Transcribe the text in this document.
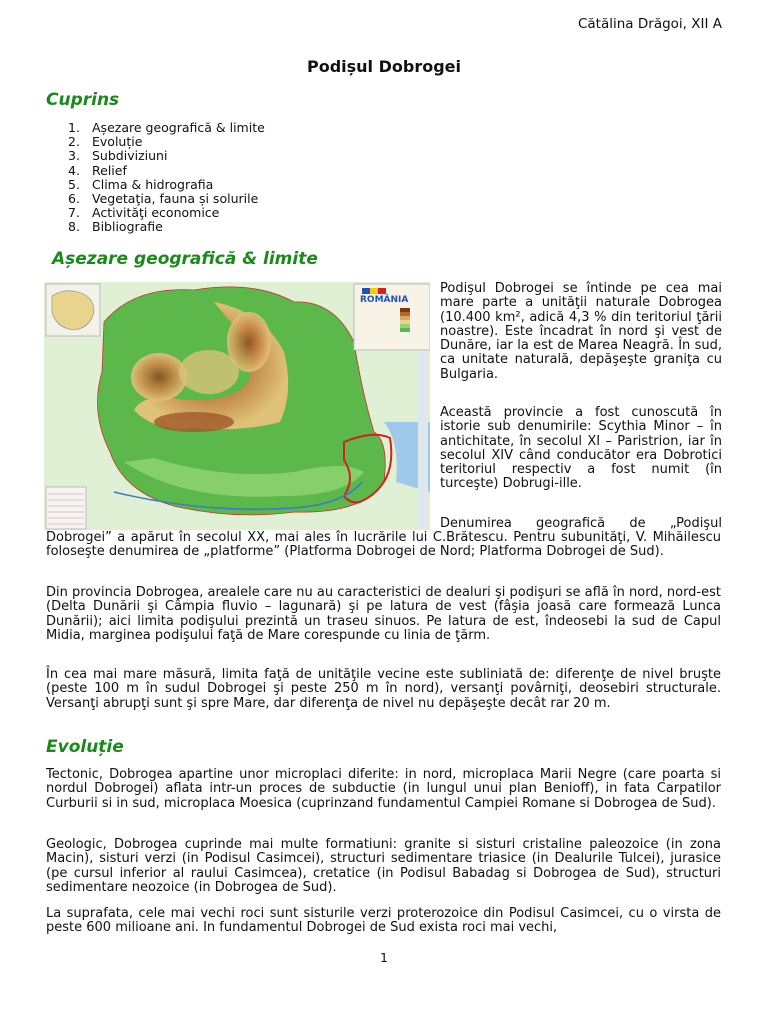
Cătălina Drăgoi, XII A
Podișul Dobrogei
Cuprins
1. Așezare geografică & limite
2. Evoluție
3. Subdiviziuni
4. Relief
5. Clima & hidrografia
6. Vegetaţia, fauna și solurile
7. Activităţi economice
8. Bibliografie
Așezare geografică & limite
ROMÂNIA

Podişul Dobrogei se întinde pe cea mai mare parte a unităţii naturale Dobrogea (10.400 km², adică 4,3 % din teritoriul ţării noastre). Este încadrat în nord şi vest de Dunăre, iar la est de Marea Neagră. În sud, ca unitate naturală, depăşeşte graniţa cu Bulgaria.

Această provincie a fost cunoscută în istorie sub denumirile: Scythia Minor – în antichitate, în secolul XI – Paristrion, iar în secolul XIV când conducător era Dobrotici teritoriul respectiv a fost numit (în turceşte) Dobrugi-ille.

Denumirea geografică de „Podişul

Dobrogei” a apărut în secolul XX, mai ales în lucrările lui C.Brătescu. Pentru subunităţi, V. Mihăilescu foloseşte denumirea de „platforme” (Platforma Dobrogei de Nord; Platforma Dobrogei de Sud).

Din provincia Dobrogea, arealele care nu au caracteristici de dealuri şi podişuri se află în nord, nord-est (Delta Dunării şi Câmpia fluvio – lagunară) şi pe latura de vest (fâşia joasă care formează Lunca Dunării); aici limita podişului prezintă un traseu sinuos. Pe latura de est, îndeosebi la sud de Capul Midia, marginea podişului faţă de Mare corespunde cu linia de ţărm.

În cea mai mare măsură, limita faţă de unităţile vecine este subliniată de: diferenţe de nivel bruşte (peste 100 m în sudul Dobrogei şi peste 250 m în nord), versanţi povârniţi, deosebiri structurale. Versanţi abrupţi sunt şi spre Mare, dar diferenţa de nivel nu depăşeşte decât rar 20 m.

Evoluție

Tectonic, Dobrogea apartine unor microplaci diferite: in nord, microplaca Marii Negre (care poarta si nordul Dobrogei) aflata intr-un proces de subductie (in lungul unui plan Benioff), in fata Carpatilor Curburii si in sud, microplaca Moesica (cuprinzand fundamentul Campiei Romane si Dobrogea de Sud).

Geologic, Dobrogea cuprinde mai multe formatiuni: granite si sisturi cristaline paleozoice (in zona Macin), sisturi verzi (in Podisul Casimcei), structuri sedimentare triasice (in Dealurile Tulcei), jurasice (pe cursul inferior al raului Casimcea), cretatice (in Podisul Babadag si Dobrogea de Sud), structuri sedimentare neozoice (in Dobrogea de Sud).

La suprafata, cele mai vechi roci sunt sisturile verzi proterozoice din Podisul Casimcei, cu o virsta de peste 600 milioane ani. In fundamentul Dobrogei de Sud exista roci mai vechi,

1
